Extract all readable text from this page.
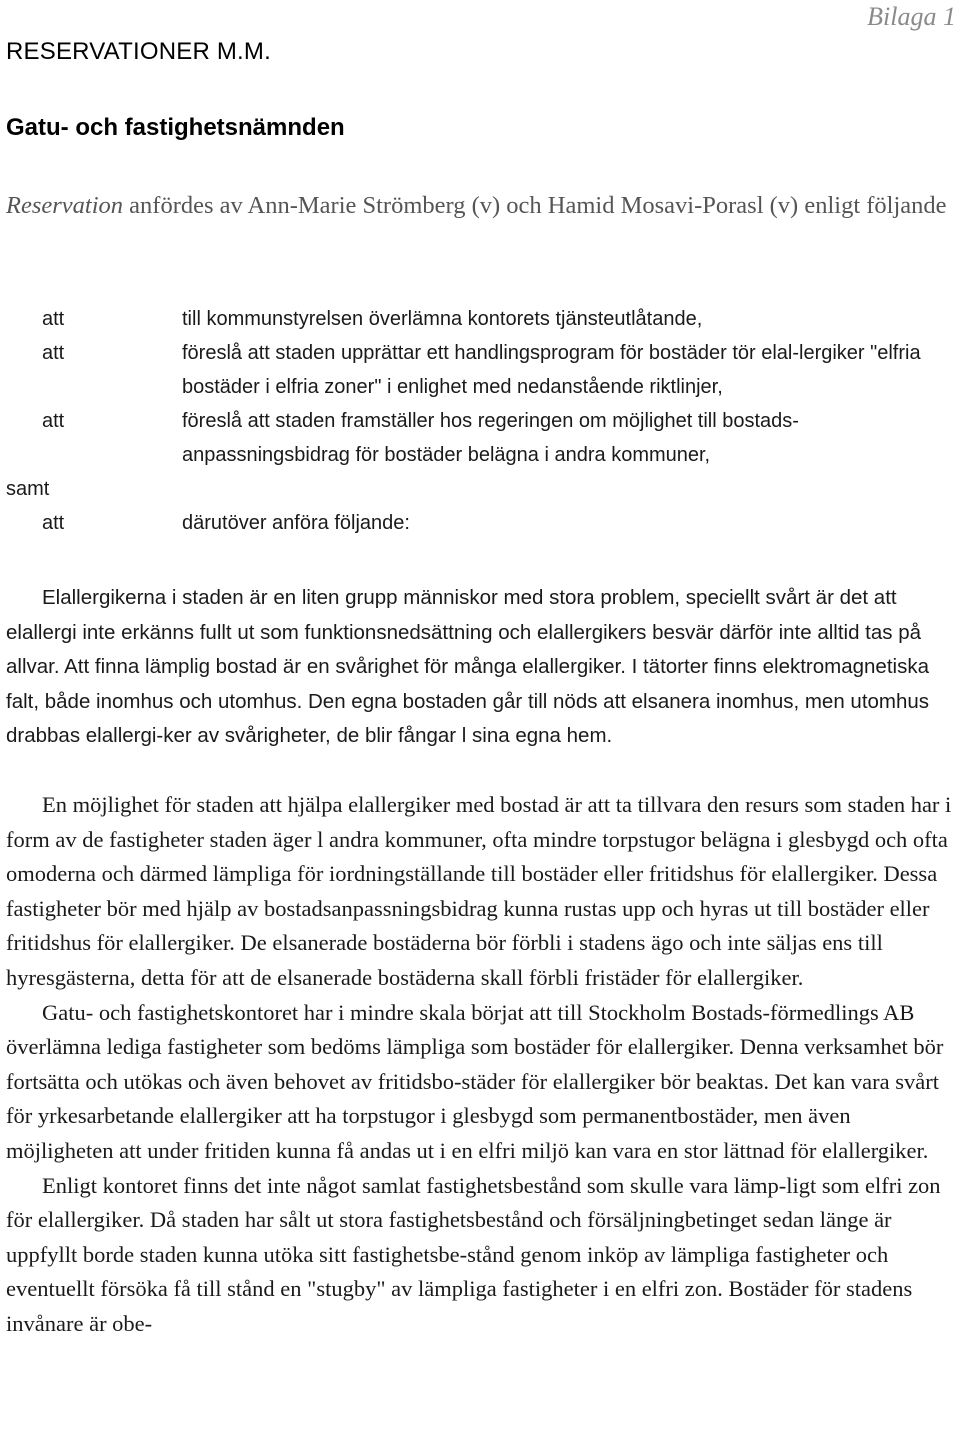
Bilaga 1
RESERVATIONER M.M.
Gatu- och fastighetsnämnden
Reservation anfördes av Ann-Marie Strömberg (v) och Hamid Mosavi-Porasl (v) enligt följande
att	till kommunstyrelsen överlämna kontorets tjänsteutlåtande,
att	föreslå att staden upprättar ett handlingsprogram för bostäder tör elal-lergiker "elfria bostäder i elfria zoner" i enlighet med nedanstående riktlinjer,
att	föreslå att staden framställer hos regeringen om möjlighet till bostads-anpassningsbidrag för bostäder belägna i andra kommuner,
samt
att	därutöver anföra följande:
Elallergikerna i staden är en liten grupp människor med stora problem, speciellt svårt är det att elallergi inte erkänns fullt ut som funktionsnedsättning och elallergikers besvär därför inte alltid tas på allvar. Att finna lämplig bostad är en svårighet för många elallergiker. I tätorter finns elektromagnetiska falt, både inomhus och utomhus. Den egna bostaden går till nöds att elsanera inomhus, men utomhus drabbas elallergi-ker av svårigheter, de blir fångar l sina egna hem.

En möjlighet för staden att hjälpa elallergiker med bostad är att ta tillvara den resurs som staden har i form av de fastigheter staden äger l andra kommuner, ofta mindre torpstugor belägna i glesbygd och ofta omoderna och därmed lämpliga för iordningställande till bostäder eller fritidshus för elallergiker. Dessa fastigheter bör med hjälp av bostadsanpassningsbidrag kunna rustas upp och hyras ut till bostäder eller fritidshus för elallergiker. De elsanerade bostäderna bör förbli i stadens ägo och inte säljas ens till hyresgästerna, detta för att de elsanerade bostäderna skall förbli fristäder för elallergiker.

Gatu- och fastighetskontoret har i mindre skala börjat att till Stockholm Bostads-förmedlings AB överlämna lediga fastigheter som bedöms lämpliga som bostäder för elallergiker. Denna verksamhet bör fortsätta och utökas och även behovet av fritidsbo-städer för elallergiker bör beaktas. Det kan vara svårt för yrkesarbetande elallergiker att ha torpstugor i glesbygd som permanentbostäder, men även möjligheten att under fritiden kunna få andas ut i en elfri miljö kan vara en stor lättnad för elallergiker.

Enligt kontoret finns det inte något samlat fastighetsbestånd som skulle vara lämp-ligt som elfri zon för elallergiker. Då staden har sålt ut stora fastighetsbestånd och försäljningbetinget sedan länge är uppfyllt borde staden kunna utöka sitt fastighetsbe-stånd genom inköp av lämpliga fastigheter och eventuellt försöka få till stånd en "stugby" av lämpliga fastigheter i en elfri zon. Bostäder för stadens invånare är obe-
